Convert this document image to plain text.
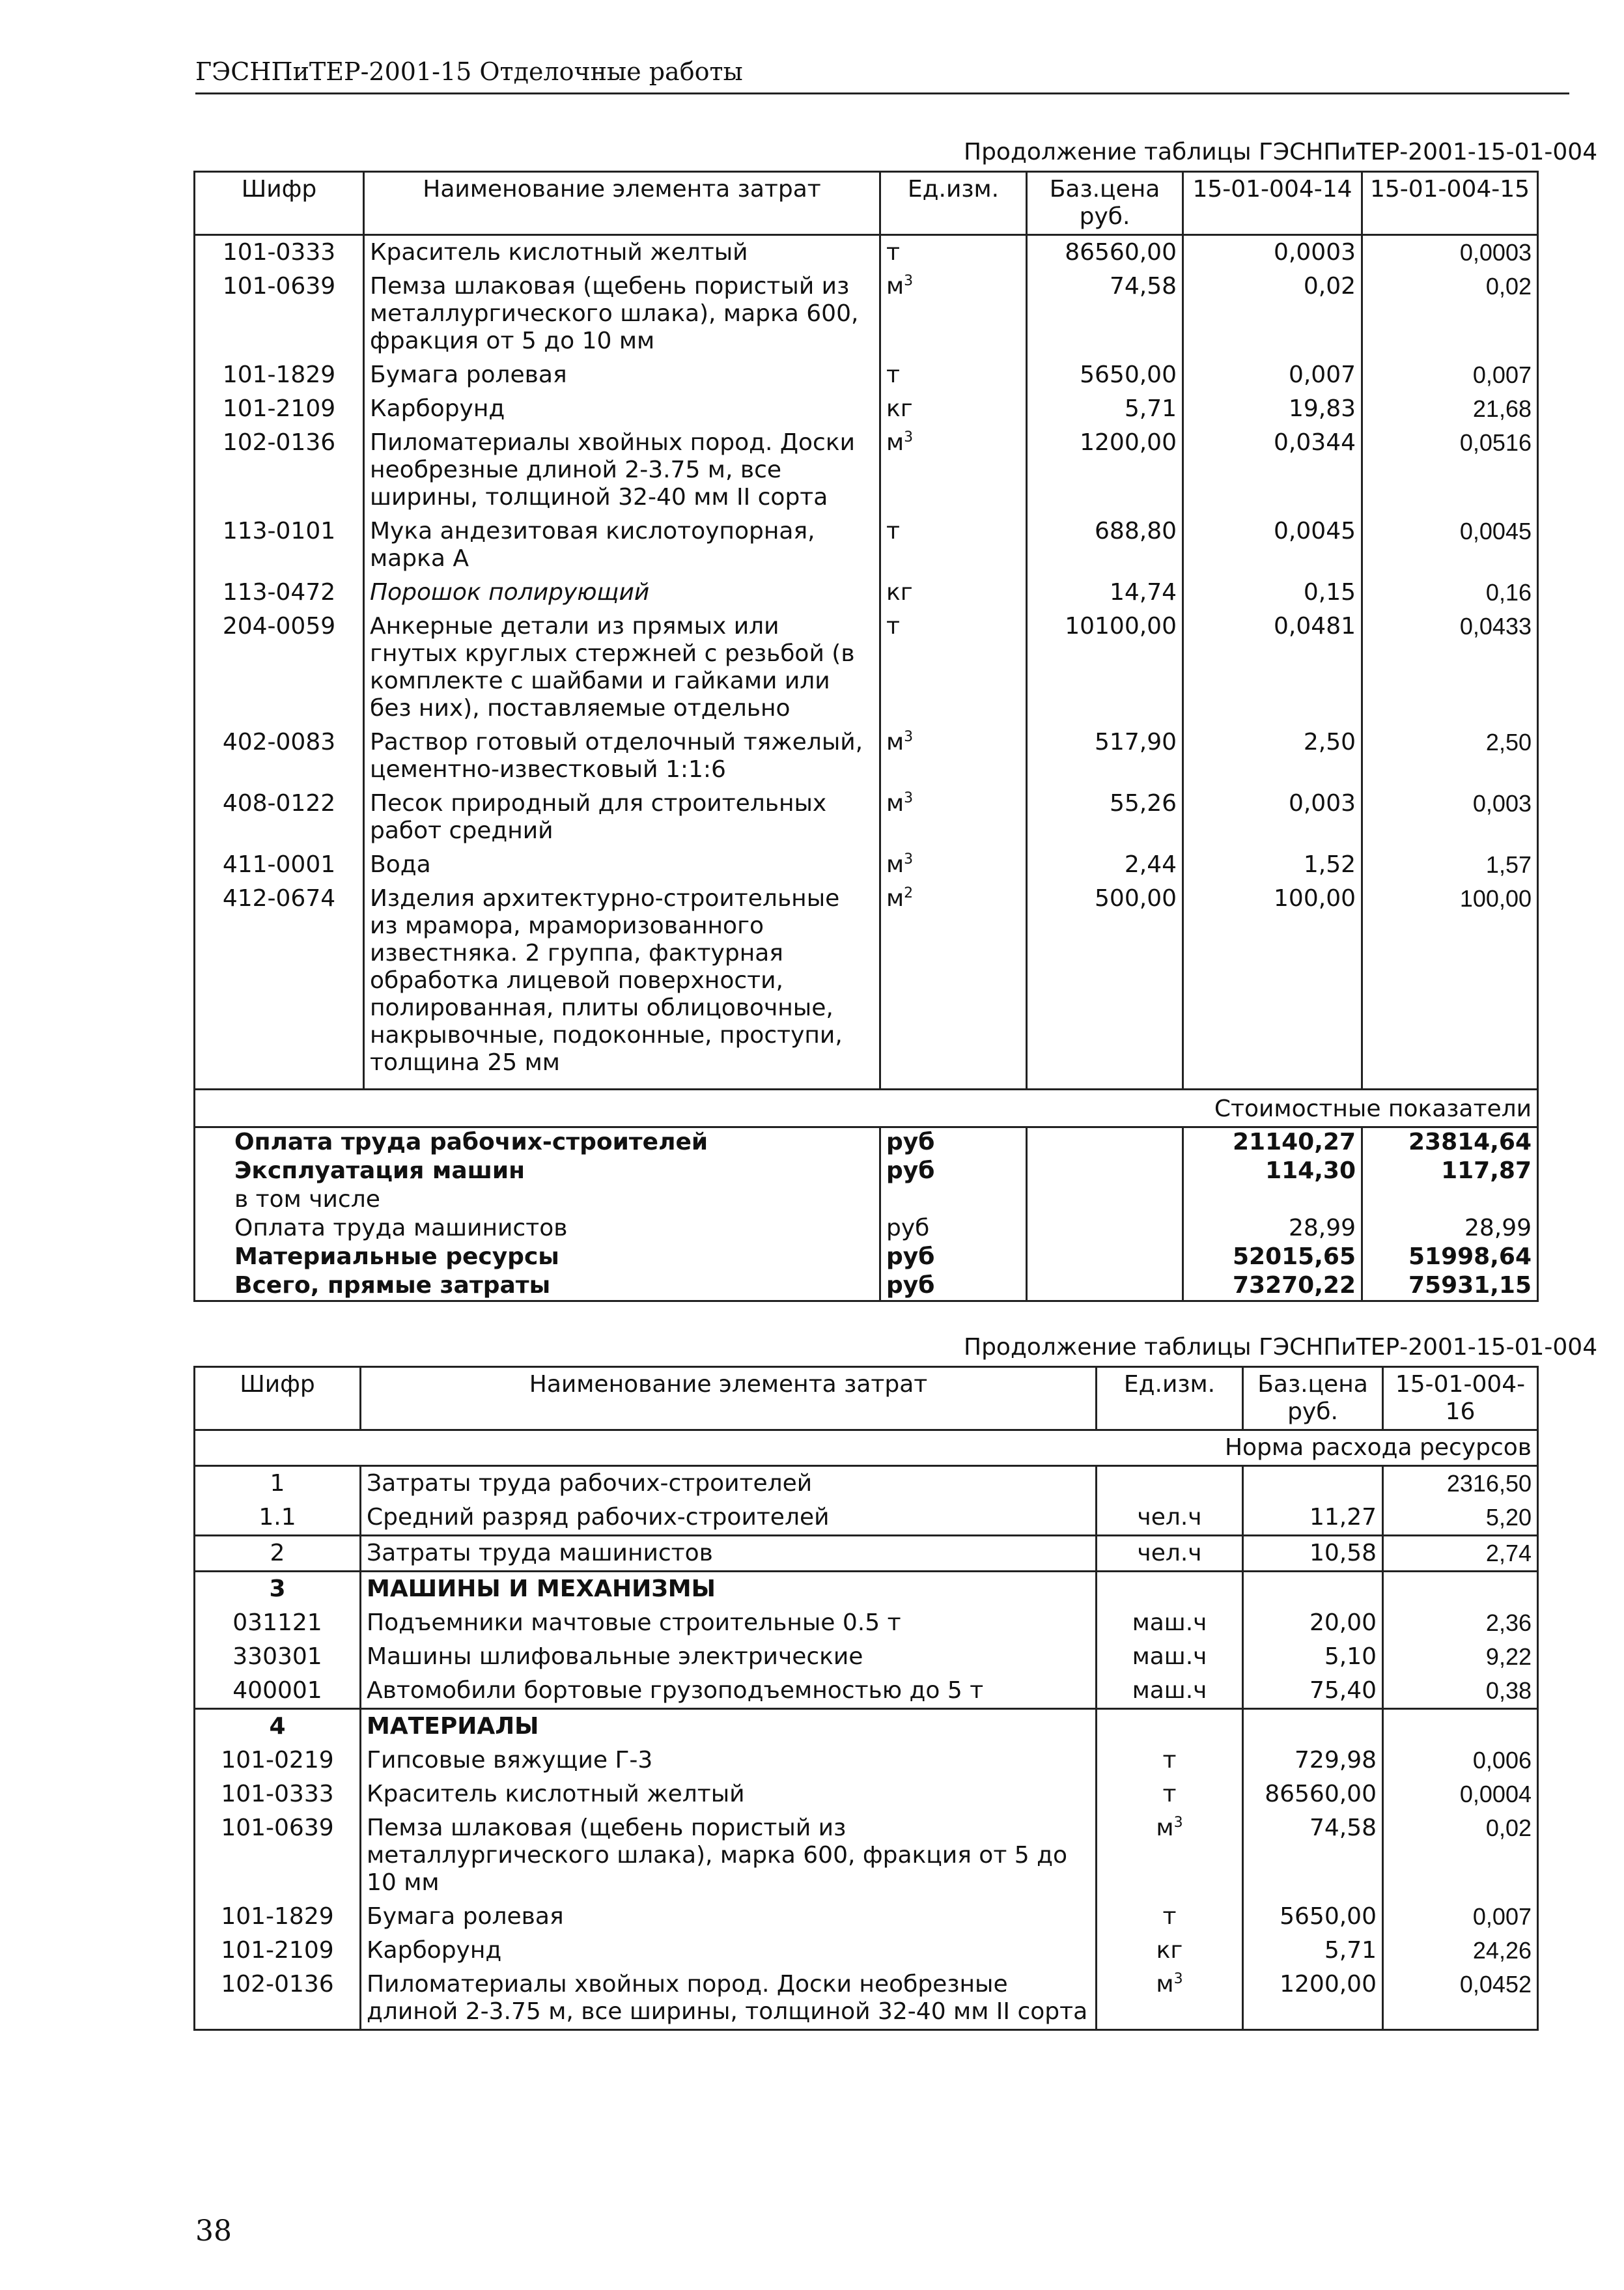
ГЭСНПиТЕР-2001-15 Отделочные работы
Продолжение таблицы ГЭСНПиТЕР-2001-15-01-004
Шифр	Наименование элемента затрат	Ед.изм.	Баз.цена руб.	15-01-004-14	15-01-004-15
101-0333	Краситель кислотный желтый	т	86560,00	0,0003	0,0003
101-0639	Пемза шлаковая (щебень пористый из металлургического шлака), марка 600, фракция от 5 до 10 мм	$м^3$	74,58	0,02	0,02
101-1829	Бумага ролевая	т	5650,00	0,007	0,007
101-2109	Карборунд	кг	5,71	19,83	21,68
102-0136	Пиломатериалы хвойных пород. Доски необрезные длиной 2-3.75 м, все ширины, толщиной 32-40 мм II сорта	$м^3$	1200,00	0,0344	0,0516
113-0101	Мука андезитовая кислотоупорная, марка А	т	688,80	0,0045	0,0045
113-0472	Порошок полирующий	кг	14,74	0,15	0,16
204-0059	Анкерные детали из прямых или гнутых круглых стержней с резьбой (в комплекте с шайбами и гайками или без них), поставляемые отдельно	т	10100,00	0,0481	0,0433
402-0083	Раствор готовый отделочный тяжелый, цементно-известковый 1:1:6	$м^3$	517,90	2,50	2,50
408-0122	Песок природный для строительных работ средний	$м^3$	55,26	0,003	0,003
411-0001	Вода	$м^3$	2,44	1,52	1,57
412-0674	Изделия архитектурно-строительные из мрамора, мраморизованного известняка. 2 группа, фактурная обработка лицевой поверхности, полированная, плиты облицовочные, накрывочные, подоконные, проступи, толщина 25 мм	$м^2$	500,00	100,00	100,00
Стоимостные показатели					
Оплата труда рабочих-строителей		руб		21140,27	23814,64
Эксплуатация машин		руб		114,30	117,87
в том числе					
Оплата труда машинистов		руб		28,99	28,99
Материальные ресурсы		руб		52015,65	51998,64
Всего, прямые затраты		руб		73270,22	75931,15
Продолжение таблицы ГЭСНПиТЕР-2001-15-01-004
Шифр	Наименование элемента затрат	Ед.изм.	Баз.цена руб.	15-01-004-16
Норма расхода ресурсов				
1	Затраты труда рабочих-строителей			2316,50
1.1	Средний разряд рабочих-строителей	чел.ч	11,27	5,20
2	Затраты труда машинистов	чел.ч	10,58	2,74
3	МАШИНЫ И МЕХАНИЗМЫ			
031121	Подъемники мачтовые строительные 0.5 т	маш.ч	20,00	2,36
330301	Машины шлифовальные электрические	маш.ч	5,10	9,22
400001	Автомобили бортовые грузоподъемностью до 5 т	маш.ч	75,40	0,38
4	МАТЕРИАЛЫ			
101-0219	Гипсовые вяжущие Г-3	т	729,98	0,006
101-0333	Краситель кислотный желтый	т	86560,00	0,0004
101-0639	Пемза шлаковая (щебень пористый из металлургического шлака), марка 600, фракция от 5 до 10 мм	$м^3$	74,58	0,02
101-1829	Бумага ролевая	т	5650,00	0,007
101-2109	Карборунд	кг	5,71	24,26
102-0136	Пиломатериалы хвойных пород. Доски необрезные длиной 2-3.75 м, все ширины, толщиной 32-40 мм II сорта	$м^3$	1200,00	0,0452
38
